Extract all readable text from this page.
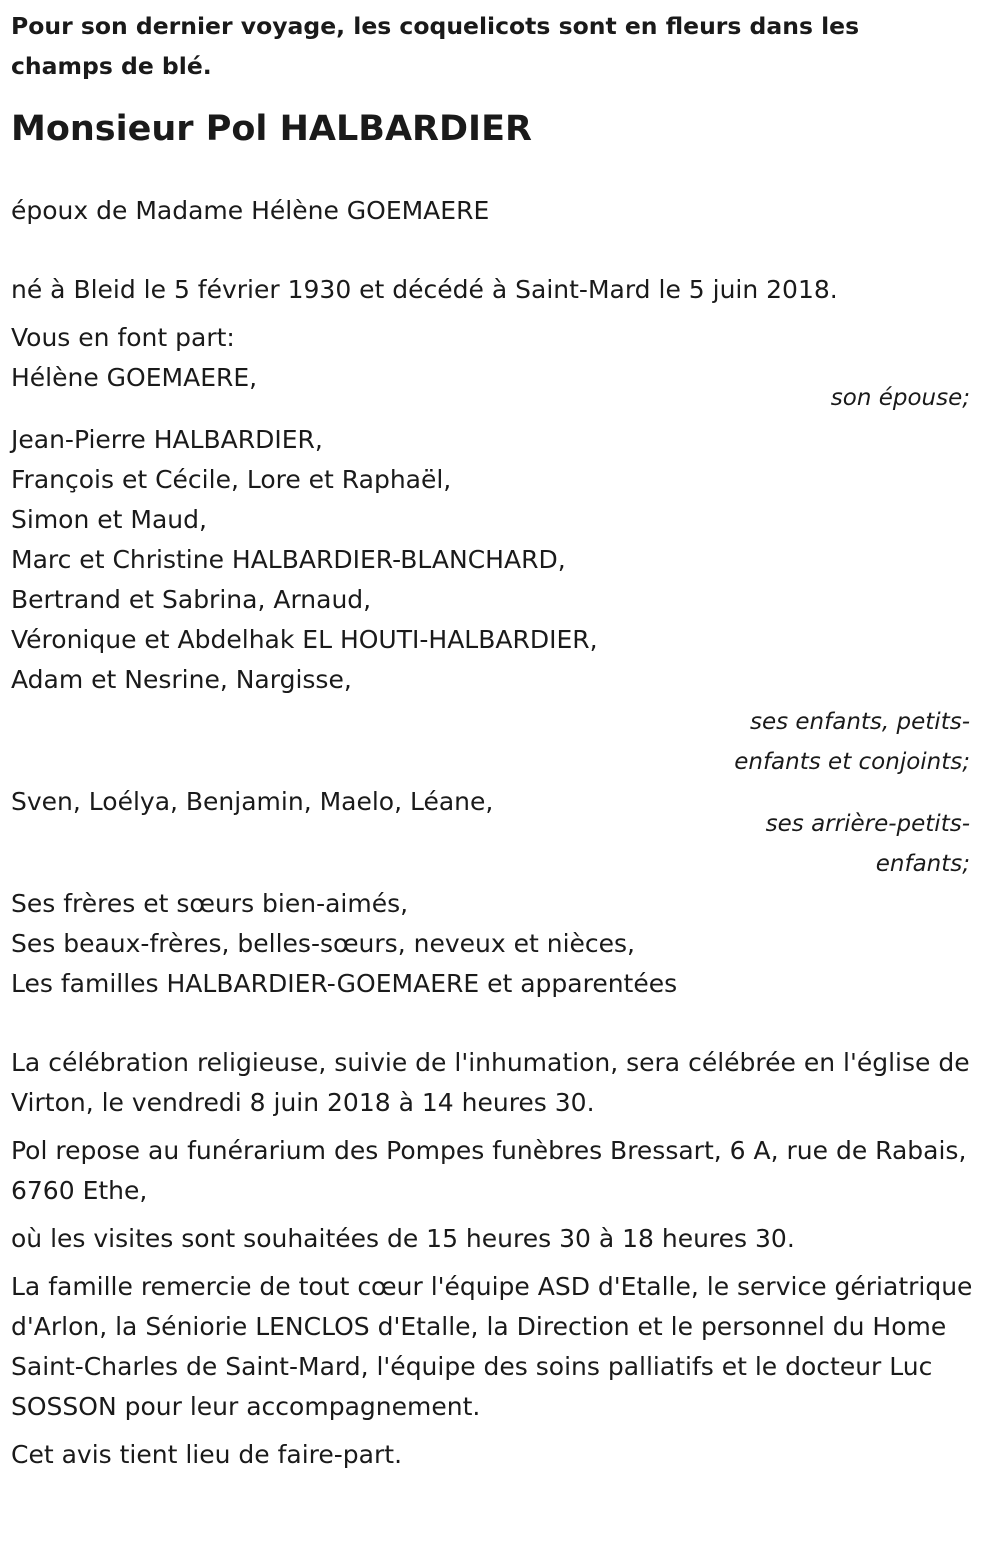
Pour son dernier voyage, les coquelicots sont en fleurs dans les champs de blé.

Monsieur Pol HALBARDIER

époux de Madame Hélène GOEMAERE

né à Bleid le 5 février 1930 et décédé à Saint-Mard le 5 juin 2018.

Vous en font part:

Hélène GOEMAERE,

son épouse;

Jean-Pierre HALBARDIER,

François et Cécile, Lore et Raphaël,

Simon et Maud,

Marc et Christine HALBARDIER-BLANCHARD,

Bertrand et Sabrina, Arnaud,

Véronique et Abdelhak EL HOUTI-HALBARDIER,

Adam et Nesrine, Nargisse,

ses enfants, petits-enfants et conjoints;

Sven, Loélya, Benjamin, Maelo, Léane,

ses arrière-petits-enfants;

Ses frères et sœurs bien-aimés,

Ses beaux-frères, belles-sœurs, neveux et nièces,

Les familles HALBARDIER-GOEMAERE et apparentées

La célébration religieuse, suivie de l'inhumation, sera célébrée en l'église de Virton, le vendredi 8 juin 2018 à 14 heures 30.

Pol repose au funérarium des Pompes funèbres Bressart, 6 A, rue de Rabais, 6760 Ethe,

où les visites sont souhaitées de 15 heures 30 à 18 heures 30.

La famille remercie de tout cœur l'équipe ASD d'Etalle, le service gériatrique d'Arlon, la Séniorie LENCLOS d'Etalle, la Direction et le personnel du Home Saint-Charles de Saint-Mard, l'équipe des soins palliatifs et le docteur Luc SOSSON pour leur accompagnement.

Cet avis tient lieu de faire-part.
